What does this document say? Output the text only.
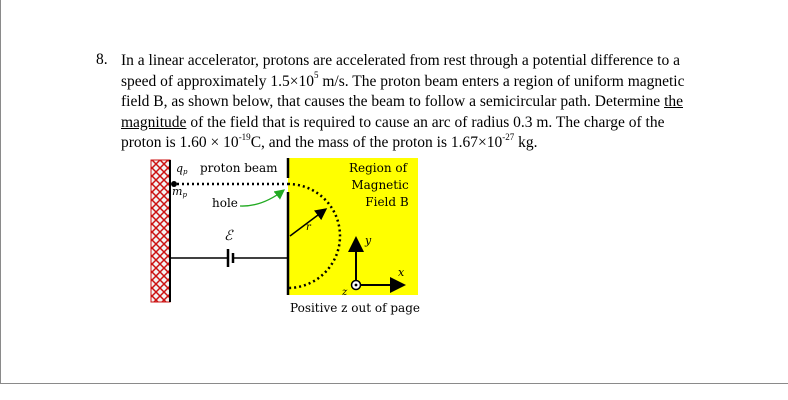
8. In a linear accelerator, protons are accelerated from rest through a potential difference to a
speed of approximately $1.5\times 10^5$ m/s. The proton beam enters a region of uniform magnetic
field B, as shown below, that causes the beam to follow a semicircular path. Determine the
magnitude of the field that is required to cause an arc of radius 0.3 m. The charge of the
proton is $1.60 \times 10^{-19}C$, and the mass of the proton is $1.67\times 10^{-27}$ kg.
qp proton beam
mp
hole
ℰ
r
Region of
Magnetic
Field B
y
x
z
Positive z out of page
